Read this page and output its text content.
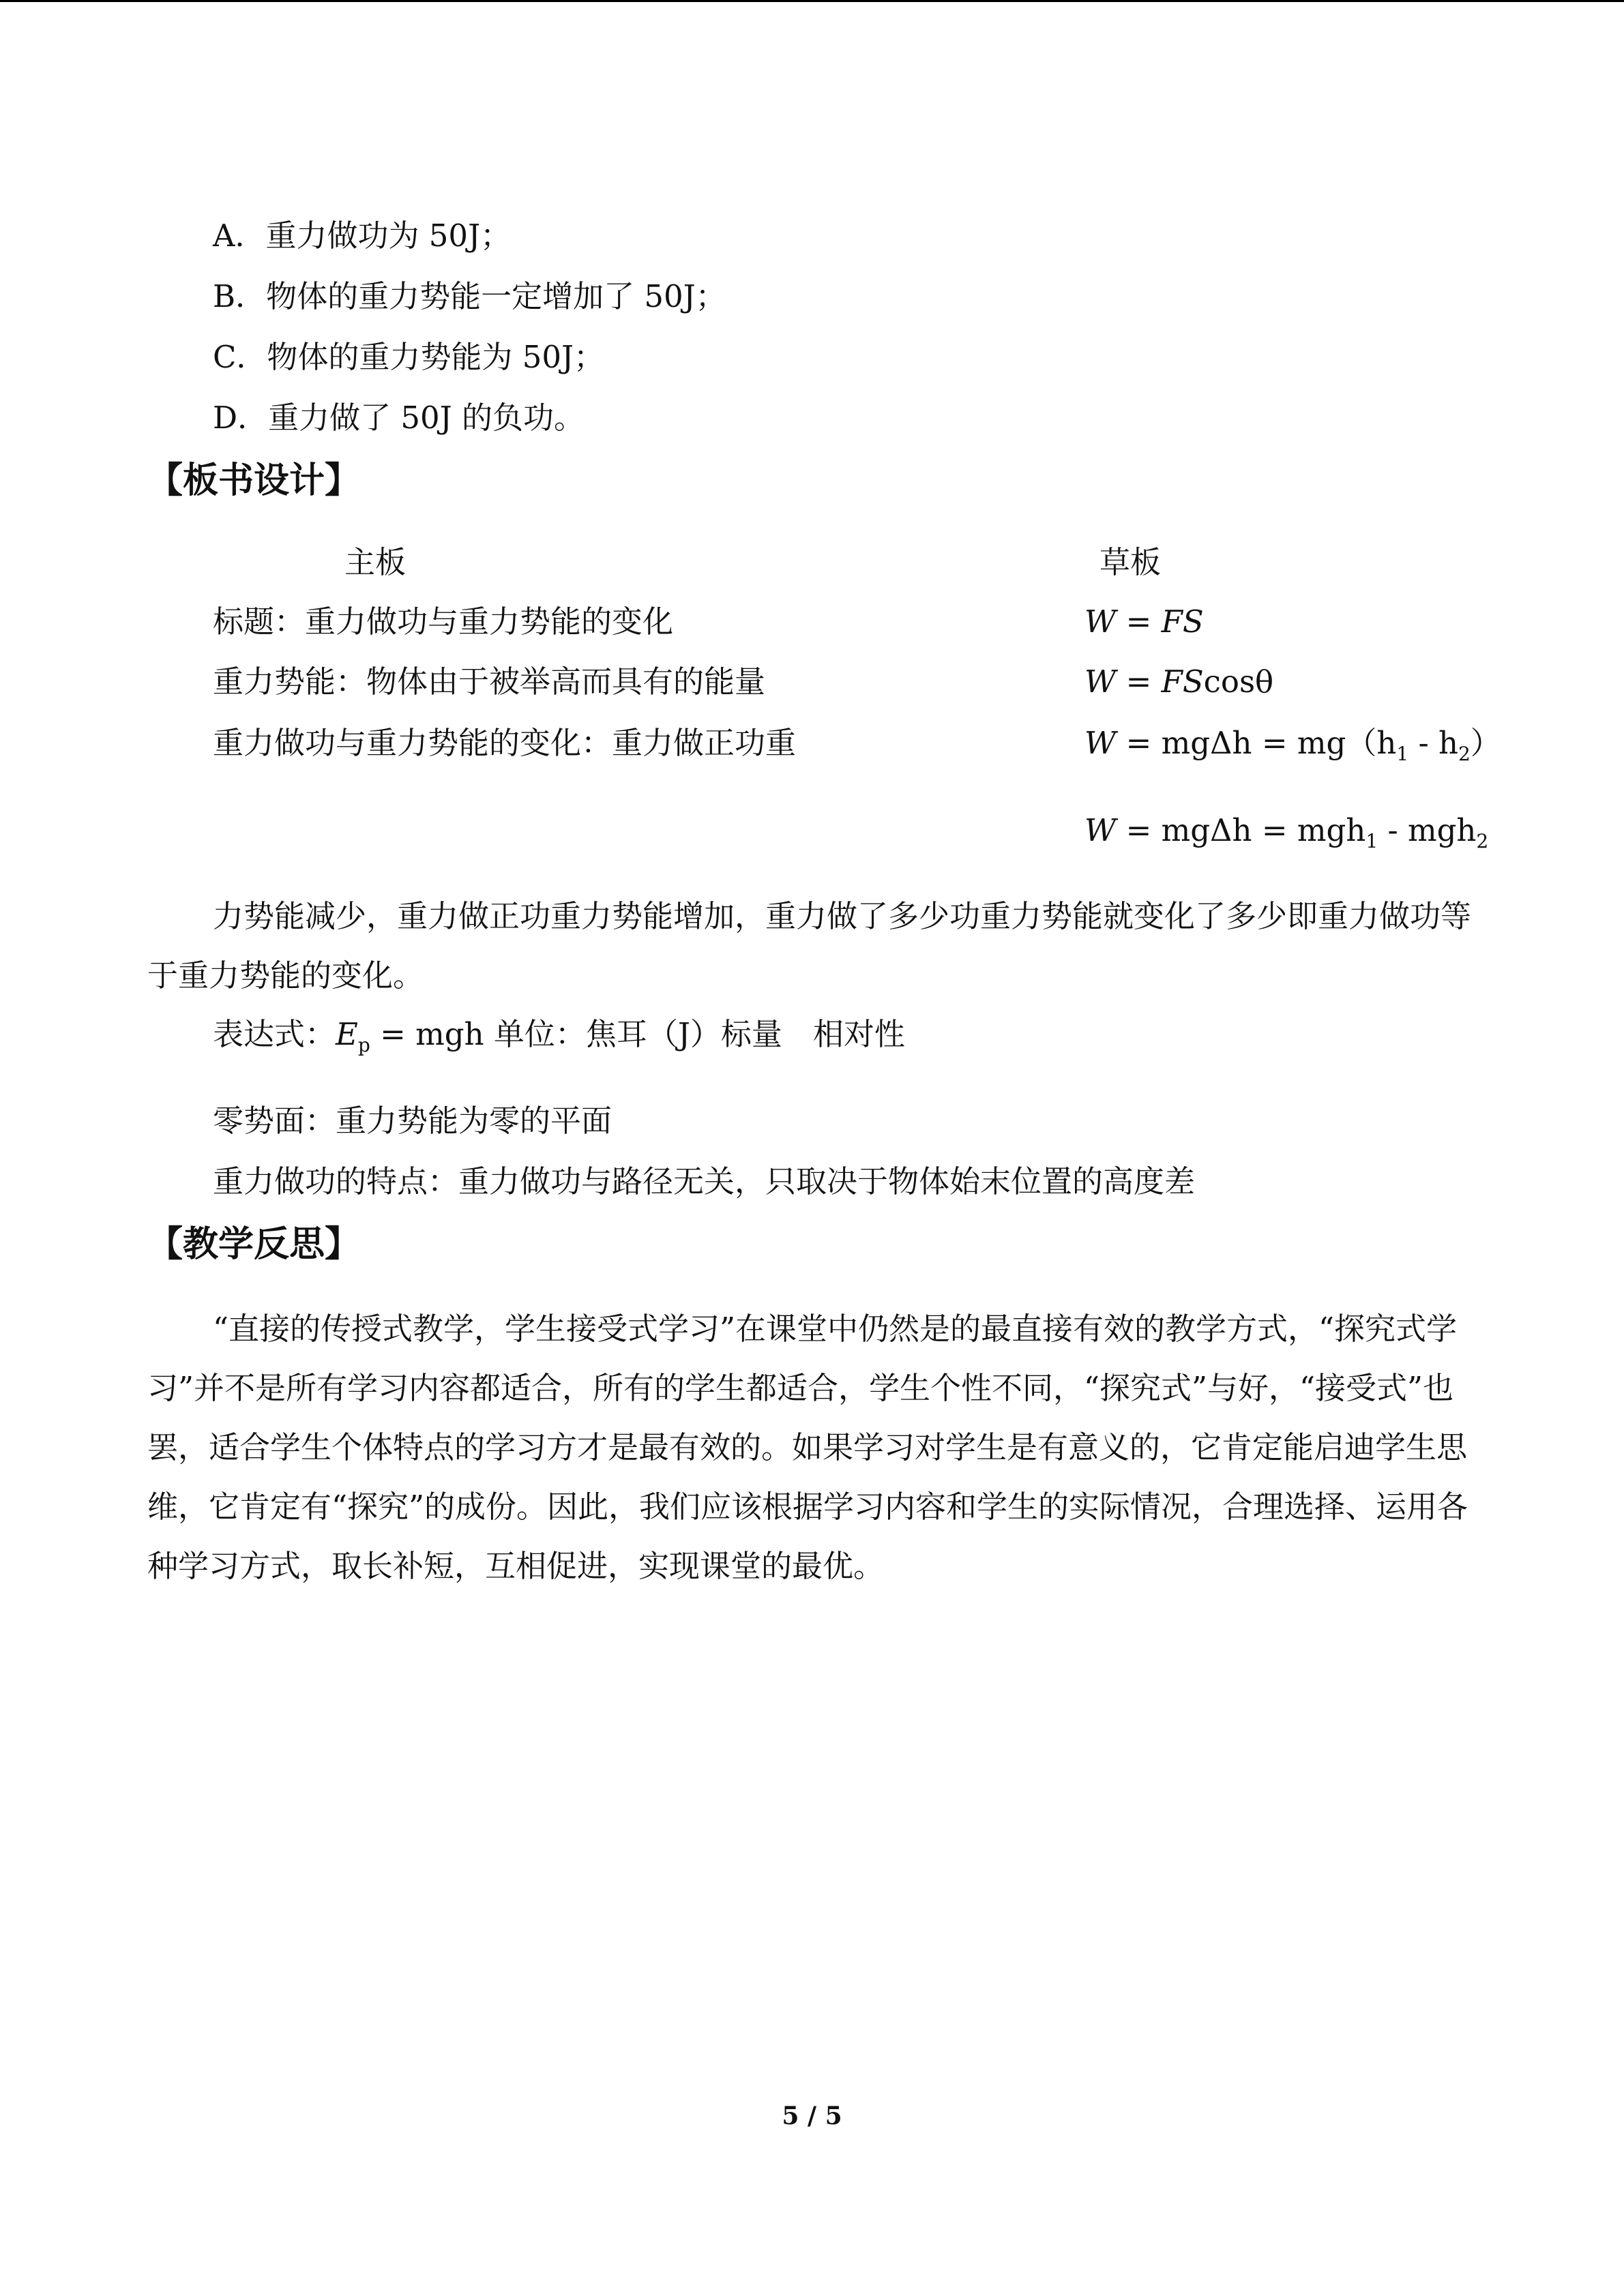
A．重力做功为 50J；
B．物体的重力势能一定增加了 50J；
C．物体的重力势能为 50J；
D．重力做了 50J 的负功。
【板书设计】
主板	草板
标题：重力做功与重力势能的变化
重力势能：物体由于被举高而具有的能量
重力做功与重力势能的变化：重力做正功重
W = FS
W = FScosθ
$W = mg\Delta h = mg(h_1 - h_2)$
W = mgΔh = mgh$_1$ - mgh$_2$
力势能减少，重力做正功重力势能增加，重力做了多少功重力势能就变化了多少即重力做功等于重力势能的变化。
表达式：$E_p$ = mgh 单位：焦耳（J）标量　相对性
零势面：重力势能为零的平面
重力做功的特点：重力做功与路径无关，只取决于物体始末位置的高度差
【教学反思】
“直接的传授式教学，学生接受式学习”在课堂中仍然是的最直接有效的教学方式，“探究式学习”并不是所有学习内容都适合，所有的学生都适合，学生个性不同，“探究式”与好，“接受式”也罢，适合学生个体特点的学习方才是最有效的。如果学习对学生是有意义的，它肯定能启迪学生思维，它肯定有“探究”的成份。因此，我们应该根据学习内容和学生的实际情况，合理选择、运用各种学习方式，取长补短，互相促进，实现课堂的最优。
5 / 5
